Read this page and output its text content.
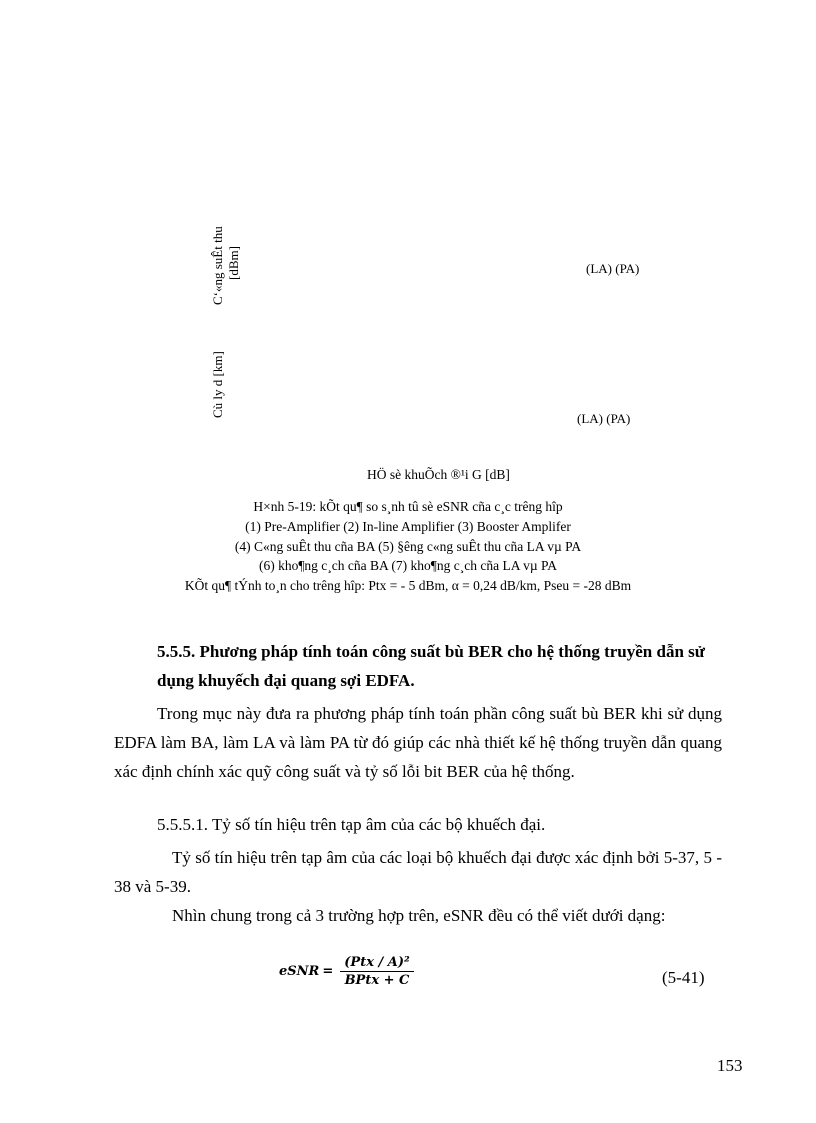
Cʻ«ng suÊt thu [dBm]	(LA) (PA)
Cù ly d [km]
(LA) (PA)
HÖ sè khuÕch ®¹i G [dB]
H×nh 5-19: kÕt qu¶ so s¸nh tû sè eSNR cña c¸c trêng hîp
(1) Pre-Amplifier (2) In-line Amplifier (3) Booster Amplifer
(4) C«ng suÊt thu cña BA (5) §êng c«ng suÊt thu cña LA vµ PA
(6) kho¶ng c¸ch cña BA (7) kho¶ng c¸ch cña LA vµ PA
KÕt qu¶ tÝnh to¸n cho trêng hîp: Ptx = - 5 dBm, α = 0,24 dB/km, Pseu = -28 dBm
5.5.5. Phương pháp tính toán công suất bù BER cho hệ thống truyền dẫn sử dụng khuyếch đại quang sợi EDFA.
Trong mục này đưa ra phương pháp tính toán phần công suất bù BER khi sử dụng EDFA làm BA, làm LA và làm PA từ đó giúp các nhà thiết kế hệ thống truyền dẫn quang xác định chính xác quỹ công suất và tỷ số lỗi bit BER của hệ thống.
5.5.5.1. Tỷ số tín hiệu trên tạp âm của các bộ khuếch đại.
Tỷ số tín hiệu trên tạp âm của các loại bộ khuếch đại được xác định bởi 5-37, 5 - 38 và 5-39.
Nhìn chung trong cả 3 trường hợp trên, eSNR đều có thể viết dưới dạng:
eSNR = $\frac{\text{(Ptx / A)²}}{\text{BPtx + C}}$	(5-41)
153
